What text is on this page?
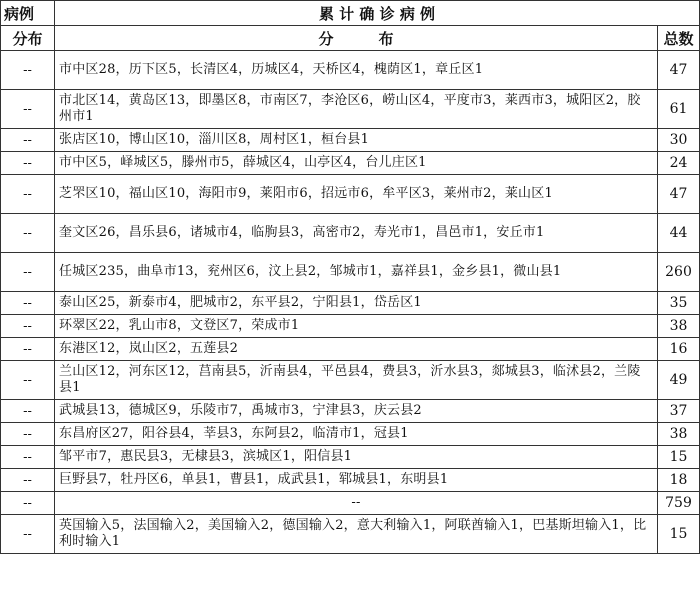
病例	累 计 确 诊 病 例	
分布	分　　　布	总数
--	市中区28，历下区5，长清区4，历城区4，天桥区4，槐荫区1，章丘区1	47
--	市北区14，黄岛区13，即墨区8，市南区7，李沧区6，崂山区4，平度市3，莱西市3，城阳区2，胶州市1	61
--	张店区10，博山区10，淄川区8，周村区1，桓台县1	30
--	市中区5，峄城区5，滕州市5，薛城区4，山亭区4，台儿庄区1	24
--	芝罘区10，福山区10，海阳市9，莱阳市6，招远市6，牟平区3，莱州市2，莱山区1	47
--	奎文区26，昌乐县6，诸城市4，临朐县3，高密市2，寿光市1，昌邑市1，安丘市1	44
--	任城区235，曲阜市13，兖州区6，汶上县2，邹城市1，嘉祥县1，金乡县1，微山县1	260
--	泰山区25，新泰市4，肥城市2，东平县2，宁阳县1，岱岳区1	35
--	环翠区22，乳山市8，文登区7，荣成市1	38
--	东港区12，岚山区2，五莲县2	16
--	兰山区12，河东区12，莒南县5，沂南县4，平邑县4，费县3，沂水县3，郯城县3，临沭县2，兰陵县1	49
--	武城县13，德城区9，乐陵市7，禹城市3，宁津县3，庆云县2	37
--	东昌府区27，阳谷县4，莘县3，东阿县2，临清市1，冠县1	38
--	邹平市7，惠民县3，无棣县3，滨城区1，阳信县1	15
--	巨野县7，牡丹区6，单县1，曹县1，成武县1，郓城县1，东明县1	18
--	--	759
--	英国输入5，法国输入2，美国输入2，德国输入2，意大利输入1，阿联酋输入1，巴基斯坦输入1，比利时输入1	15
